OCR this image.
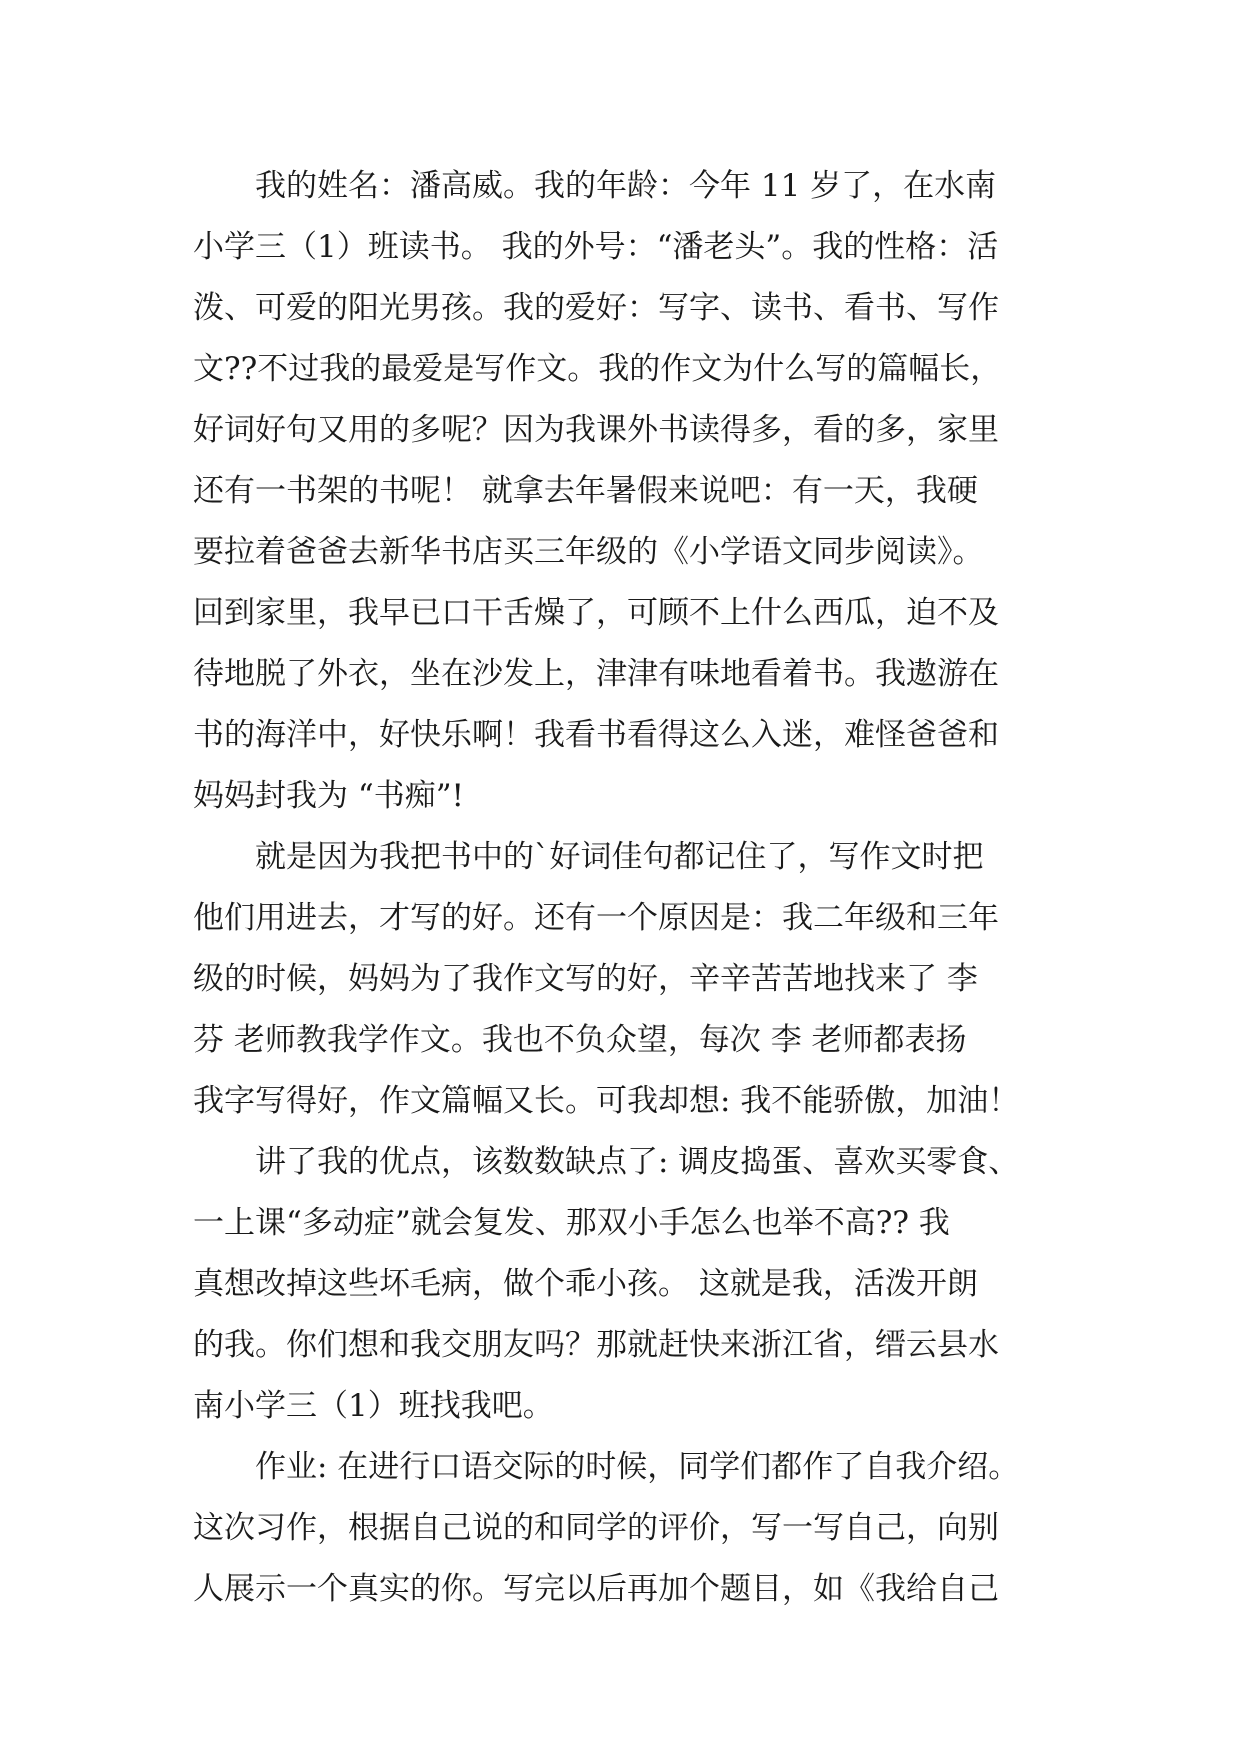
我的姓名：潘高威。我的年龄：今年 11 岁了，在水南
小学三（1）班读书。 我的外号：“潘老头”。我的性格：活
泼、可爱的阳光男孩。我的爱好：写字、读书、看书、写作
文??不过我的最爱是写作文。我的作文为什么写的篇幅长，
好词好句又用的多呢？因为我课外书读得多，看的多，家里
还有一书架的书呢！ 就拿去年暑假来说吧：有一天，我硬
要拉着爸爸去新华书店买三年级的《小学语文同步阅读》。
回到家里，我早已口干舌燥了，可顾不上什么西瓜，迫不及
待地脱了外衣，坐在沙发上，津津有味地看着书。我遨游在
书的海洋中，好快乐啊！我看书看得这么入迷，难怪爸爸和
妈妈封我为 “书痴”!
就是因为我把书中的`好词佳句都记住了，写作文时把
他们用进去，才写的好。还有一个原因是：我二年级和三年
级的时候，妈妈为了我作文写的好，辛辛苦苦地找来了 李
芬 老师教我学作文。我也不负众望，每次 李 老师都表扬
我字写得好，作文篇幅又长。可我却想: 我不能骄傲，加油！
讲了我的优点，该数数缺点了: 调皮捣蛋、喜欢买零食、
一上课“多动症”就会复发、那双小手怎么也举不高?? 我
真想改掉这些坏毛病，做个乖小孩。 这就是我，活泼开朗
的我。你们想和我交朋友吗？那就赶快来浙江省，缙云县水
南小学三（1）班找我吧。
作业: 在进行口语交际的时候，同学们都作了自我介绍。
这次习作，根据自己说的和同学的评价，写一写自己，向别
人展示一个真实的你。写完以后再加个题目，如《我给自己
